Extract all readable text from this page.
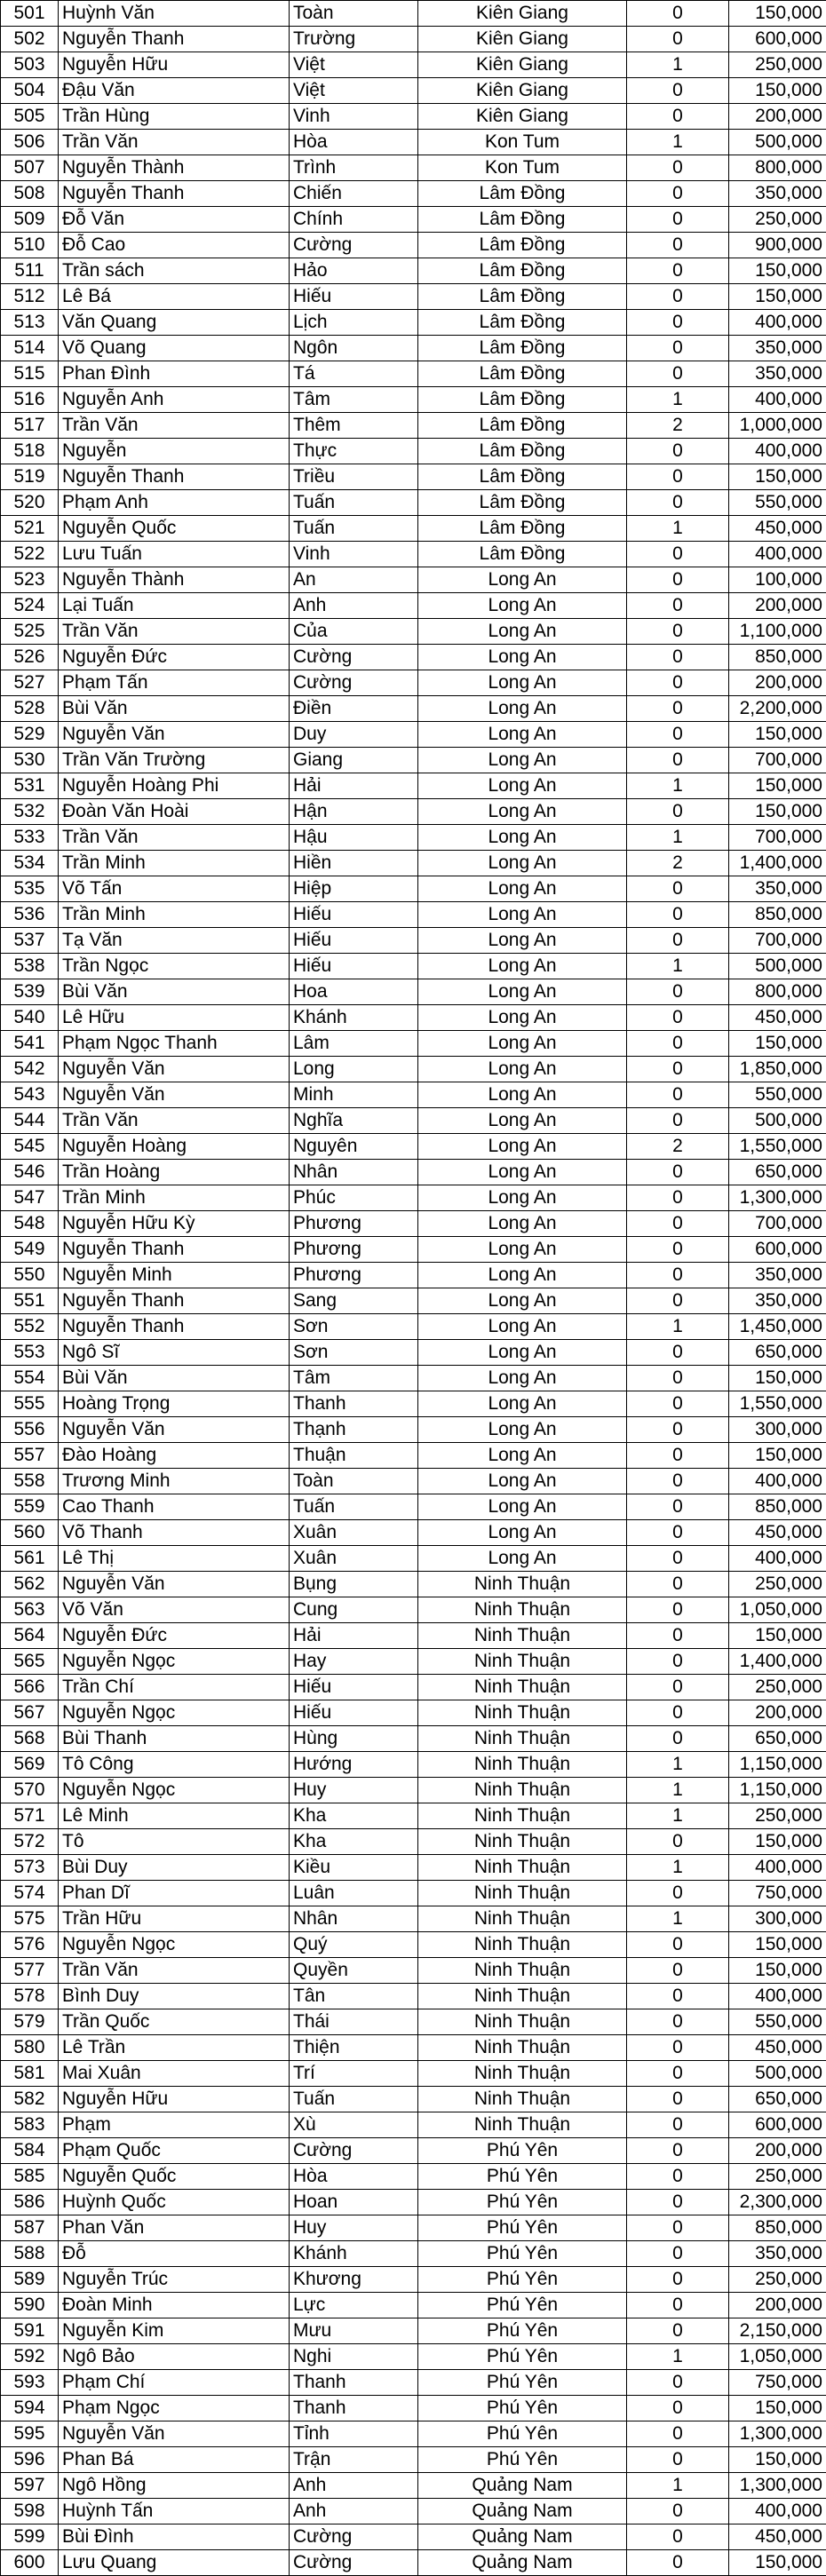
501	Huỳnh Văn	Toàn	Kiên Giang	0	150,000
502	Nguyễn Thanh	Trường	Kiên Giang	0	600,000
503	Nguyễn Hữu	Việt	Kiên Giang	1	250,000
504	Đậu Văn	Việt	Kiên Giang	0	150,000
505	Trần Hùng	Vinh	Kiên Giang	0	200,000
506	Trần Văn	Hòa	Kon Tum	1	500,000
507	Nguyễn Thành	Trình	Kon Tum	0	800,000
508	Nguyễn Thanh	Chiến	Lâm Đồng	0	350,000
509	Đỗ Văn	Chính	Lâm Đồng	0	250,000
510	Đỗ Cao	Cường	Lâm Đồng	0	900,000
511	Trần sách	Hảo	Lâm Đồng	0	150,000
512	Lê Bá	Hiếu	Lâm Đồng	0	150,000
513	Văn Quang	Lịch	Lâm Đồng	0	400,000
514	Võ Quang	Ngôn	Lâm Đồng	0	350,000
515	Phan Đình	Tá	Lâm Đồng	0	350,000
516	Nguyễn Anh	Tâm	Lâm Đồng	1	400,000
517	Trần Văn	Thêm	Lâm Đồng	2	1,000,000
518	Nguyễn	Thực	Lâm Đồng	0	400,000
519	Nguyễn Thanh	Triều	Lâm Đồng	0	150,000
520	Phạm Anh	Tuấn	Lâm Đồng	0	550,000
521	Nguyễn Quốc	Tuấn	Lâm Đồng	1	450,000
522	Lưu Tuấn	Vinh	Lâm Đồng	0	400,000
523	Nguyễn Thành	An	Long An	0	100,000
524	Lại Tuấn	Anh	Long An	0	200,000
525	Trần Văn	Của	Long An	0	1,100,000
526	Nguyễn Đức	Cường	Long An	0	850,000
527	Phạm Tấn	Cường	Long An	0	200,000
528	Bùi Văn	Điền	Long An	0	2,200,000
529	Nguyễn Văn	Duy	Long An	0	150,000
530	Trần Văn Trường	Giang	Long An	0	700,000
531	Nguyễn Hoàng Phi	Hải	Long An	1	150,000
532	Đoàn Văn Hoài	Hận	Long An	0	150,000
533	Trần Văn	Hậu	Long An	1	700,000
534	Trần Minh	Hiền	Long An	2	1,400,000
535	Võ Tấn	Hiệp	Long An	0	350,000
536	Trần Minh	Hiếu	Long An	0	850,000
537	Tạ Văn	Hiếu	Long An	0	700,000
538	Trần Ngọc	Hiếu	Long An	1	500,000
539	Bùi Văn	Hoa	Long An	0	800,000
540	Lê Hữu	Khánh	Long An	0	450,000
541	Phạm Ngọc Thanh	Lâm	Long An	0	150,000
542	Nguyễn Văn	Long	Long An	0	1,850,000
543	Nguyễn Văn	Minh	Long An	0	550,000
544	Trần Văn	Nghĩa	Long An	0	500,000
545	Nguyễn Hoàng	Nguyên	Long An	2	1,550,000
546	Trần Hoàng	Nhân	Long An	0	650,000
547	Trần Minh	Phúc	Long An	0	1,300,000
548	Nguyễn Hữu Kỳ	Phương	Long An	0	700,000
549	Nguyễn Thanh	Phương	Long An	0	600,000
550	Nguyễn Minh	Phương	Long An	0	350,000
551	Nguyễn Thanh	Sang	Long An	0	350,000
552	Nguyễn Thanh	Sơn	Long An	1	1,450,000
553	Ngô Sĩ	Sơn	Long An	0	650,000
554	Bùi Văn	Tâm	Long An	0	150,000
555	Hoàng Trọng	Thanh	Long An	0	1,550,000
556	Nguyễn Văn	Thạnh	Long An	0	300,000
557	Đào Hoàng	Thuận	Long An	0	150,000
558	Trương Minh	Toàn	Long An	0	400,000
559	Cao Thanh	Tuấn	Long An	0	850,000
560	Võ Thanh	Xuân	Long An	0	450,000
561	Lê Thị	Xuân	Long An	0	400,000
562	Nguyễn Văn	Bụng	Ninh Thuận	0	250,000
563	Võ Văn	Cung	Ninh Thuận	0	1,050,000
564	Nguyễn Đức	Hải	Ninh Thuận	0	150,000
565	Nguyễn Ngọc	Hay	Ninh Thuận	0	1,400,000
566	Trần Chí	Hiếu	Ninh Thuận	0	250,000
567	Nguyễn Ngọc	Hiếu	Ninh Thuận	0	200,000
568	Bùi Thanh	Hùng	Ninh Thuận	0	650,000
569	Tô Công	Hướng	Ninh Thuận	1	1,150,000
570	Nguyễn Ngọc	Huy	Ninh Thuận	1	1,150,000
571	Lê Minh	Kha	Ninh Thuận	1	250,000
572	Tô	Kha	Ninh Thuận	0	150,000
573	Bùi Duy	Kiều	Ninh Thuận	1	400,000
574	Phan Dĩ	Luân	Ninh Thuận	0	750,000
575	Trần Hữu	Nhân	Ninh Thuận	1	300,000
576	Nguyễn Ngọc	Quý	Ninh Thuận	0	150,000
577	Trần Văn	Quyền	Ninh Thuận	0	150,000
578	Bình Duy	Tân	Ninh Thuận	0	400,000
579	Trần Quốc	Thái	Ninh Thuận	0	550,000
580	Lê Trần	Thiện	Ninh Thuận	0	450,000
581	Mai Xuân	Trí	Ninh Thuận	0	500,000
582	Nguyễn Hữu	Tuấn	Ninh Thuận	0	650,000
583	Phạm	Xù	Ninh Thuận	0	600,000
584	Phạm Quốc	Cường	Phú Yên	0	200,000
585	Nguyễn Quốc	Hòa	Phú Yên	0	250,000
586	Huỳnh Quốc	Hoan	Phú Yên	0	2,300,000
587	Phan Văn	Huy	Phú Yên	0	850,000
588	Đỗ	Khánh	Phú Yên	0	350,000
589	Nguyễn Trúc	Khương	Phú Yên	0	250,000
590	Đoàn Minh	Lực	Phú Yên	0	200,000
591	Nguyễn Kim	Mưu	Phú Yên	0	2,150,000
592	Ngô Bảo	Nghi	Phú Yên	1	1,050,000
593	Phạm Chí	Thanh	Phú Yên	0	750,000
594	Phạm Ngọc	Thanh	Phú Yên	0	150,000
595	Nguyễn Văn	Tỉnh	Phú Yên	0	1,300,000
596	Phan Bá	Trận	Phú Yên	0	150,000
597	Ngô Hồng	Anh	Quảng Nam	1	1,300,000
598	Huỳnh Tấn	Anh	Quảng Nam	0	400,000
599	Bùi Đình	Cường	Quảng Nam	0	450,000
600	Lưu Quang	Cường	Quảng Nam	0	150,000
